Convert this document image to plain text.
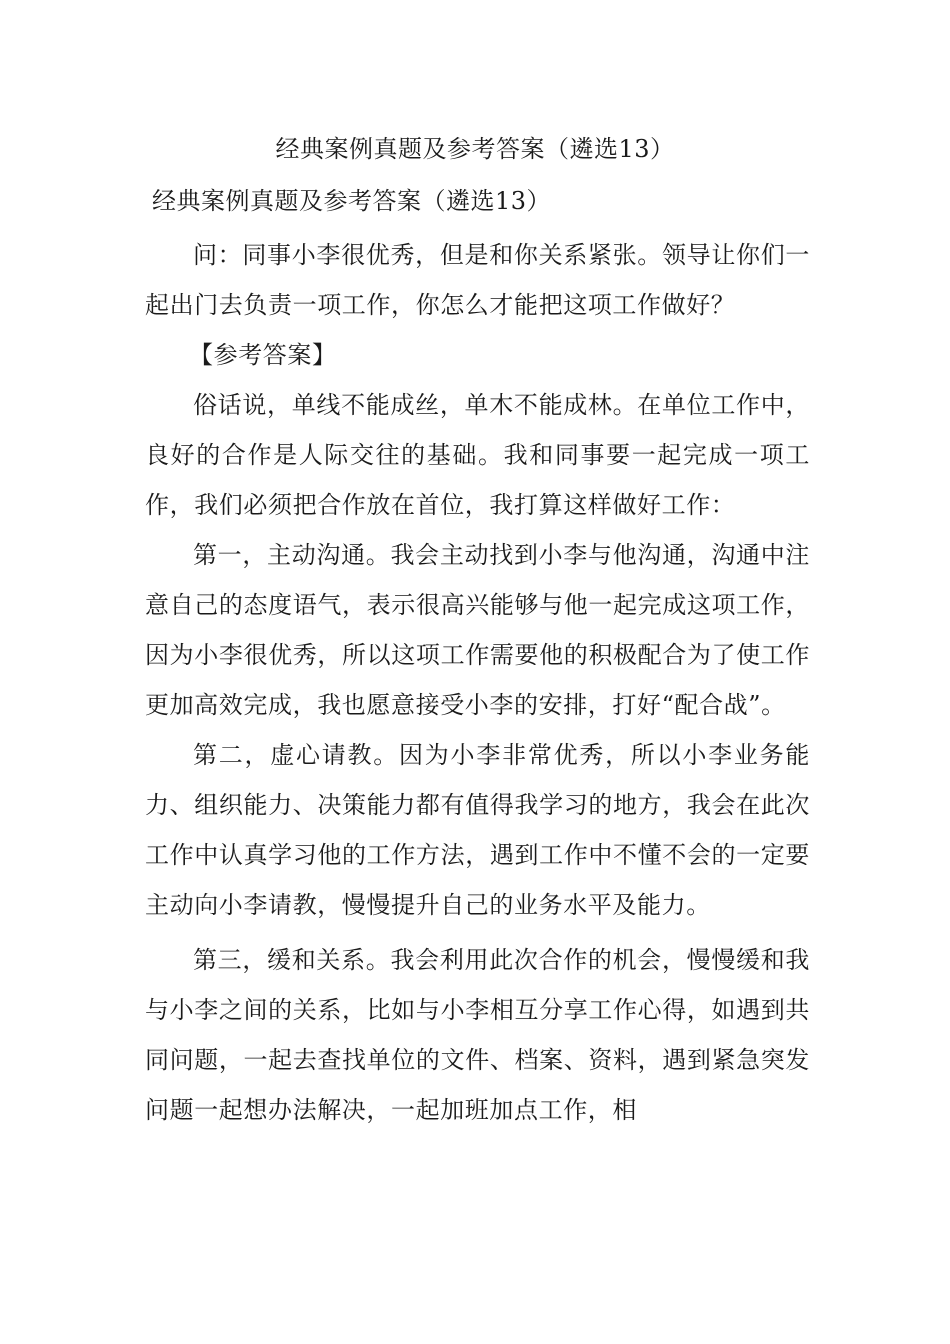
经典案例真题及参考答案（遴选13）
经典案例真题及参考答案（遴选13）

问：同事小李很优秀，但是和你关系紧张。领导让你们一起出门去负责一项工作，你怎么才能把这项工作做好？

【参考答案】

俗话说，单线不能成丝，单木不能成林。在单位工作中，良好的合作是人际交往的基础。我和同事要一起完成一项工作，我们必须把合作放在首位，我打算这样做好工作：

第一，主动沟通。我会主动找到小李与他沟通，沟通中注意自己的态度语气，表示很高兴能够与他一起完成这项工作，因为小李很优秀，所以这项工作需要他的积极配合为了使工作更加高效完成，我也愿意接受小李的安排，打好“配合战”。

第二，虚心请教。因为小李非常优秀，所以小李业务能力、组织能力、决策能力都有值得我学习的地方，我会在此次工作中认真学习他的工作方法，遇到工作中不懂不会的一定要主动向小李请教，慢慢提升自己的业务水平及能力。

第三，缓和关系。我会利用此次合作的机会，慢慢缓和我与小李之间的关系，比如与小李相互分享工作心得，如遇到共同问题，一起去查找单位的文件、档案、资料，遇到紧急突发问题一起想办法解决，一起加班加点工作，相
